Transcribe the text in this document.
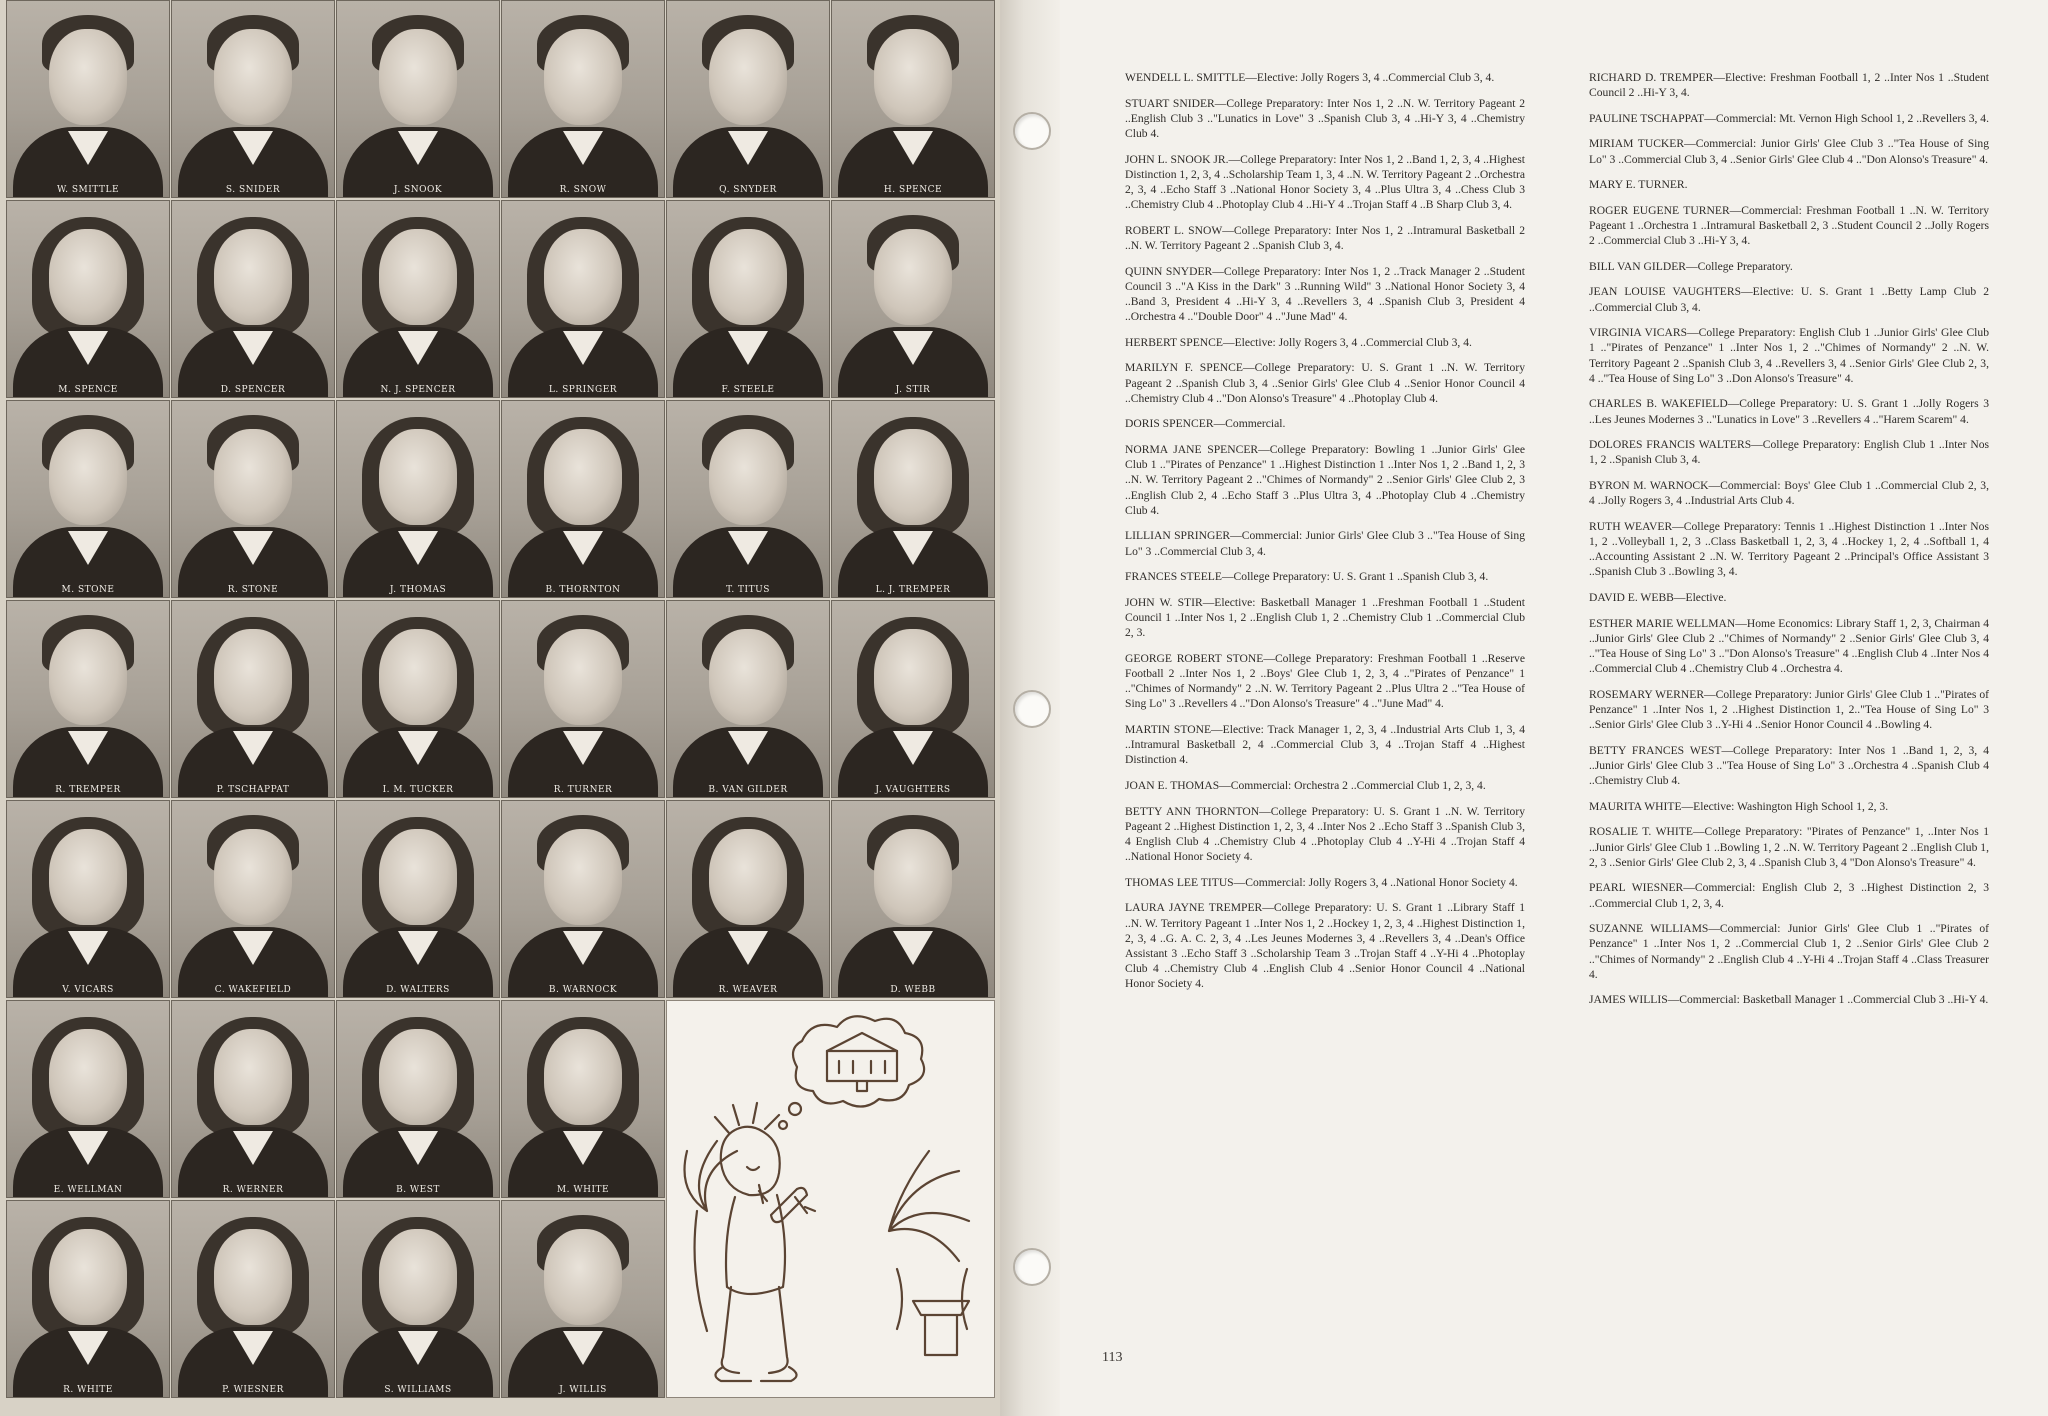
W. SMITTLE	S. SNIDER	J. SNOOK	R. SNOW	Q. SNYDER	H. SPENCE
M. SPENCE	D. SPENCER	N. J. SPENCER	L. SPRINGER	F. STEELE	J. STIR
M. STONE	R. STONE	J. THOMAS	B. THORNTON	T. TITUS	L. J. TREMPER
R. TREMPER	P. TSCHAPPAT	I. M. TUCKER	R. TURNER	B. VAN GILDER	J. VAUGHTERS
V. VICARS	C. WAKEFIELD	D. WALTERS	B. WARNOCK	R. WEAVER	D. WEBB
E. WELLMAN	R. WERNER	B. WEST	M. WHITE
R. WHITE	P. WIESNER	S. WILLIAMS	J. WILLIS

WENDELL L. SMITTLE—Elective: Jolly Rogers 3, 4 ..Commercial Club 3, 4.

STUART SNIDER—College Preparatory: Inter Nos 1, 2 ..N. W. Territory Pageant 2 ..English Club 3 .."Lunatics in Love" 3 ..Spanish Club 3, 4 ..Hi-Y 3, 4 ..Chemistry Club 4.

JOHN L. SNOOK JR.—College Preparatory: Inter Nos 1, 2 ..Band 1, 2, 3, 4 ..Highest Distinction 1, 2, 3, 4 ..Scholarship Team 1, 3, 4 ..N. W. Territory Pageant 2 ..Orchestra 2, 3, 4 ..Echo Staff 3 ..National Honor Society 3, 4 ..Plus Ultra 3, 4 ..Chess Club 3 ..Chemistry Club 4 ..Photoplay Club 4 ..Hi-Y 4 ..Trojan Staff 4 ..B Sharp Club 3, 4.

ROBERT L. SNOW—College Preparatory: Inter Nos 1, 2 ..Intramural Basketball 2 ..N. W. Territory Pageant 2 ..Spanish Club 3, 4.

QUINN SNYDER—College Preparatory: Inter Nos 1, 2 ..Track Manager 2 ..Student Council 3 .."A Kiss in the Dark" 3 ..Running Wild" 3 ..National Honor Society 3, 4 ..Band 3, President 4 ..Hi-Y 3, 4 ..Revellers 3, 4 ..Spanish Club 3, President 4 ..Orchestra 4 .."Double Door" 4 .."June Mad" 4.

HERBERT SPENCE—Elective: Jolly Rogers 3, 4 ..Commercial Club 3, 4.

MARILYN F. SPENCE—College Preparatory: U. S. Grant 1 ..N. W. Territory Pageant 2 ..Spanish Club 3, 4 ..Senior Girls' Glee Club 4 ..Senior Honor Council 4 ..Chemistry Club 4 .."Don Alonso's Treasure" 4 ..Photoplay Club 4.

DORIS SPENCER—Commercial.

NORMA JANE SPENCER—College Preparatory: Bowling 1 ..Junior Girls' Glee Club 1 .."Pirates of Penzance" 1 ..Highest Distinction 1 ..Inter Nos 1, 2 ..Band 1, 2, 3 ..N. W. Territory Pageant 2 .."Chimes of Normandy" 2 ..Senior Girls' Glee Club 2, 3 ..English Club 2, 4 ..Echo Staff 3 ..Plus Ultra 3, 4 ..Photoplay Club 4 ..Chemistry Club 4.

LILLIAN SPRINGER—Commercial: Junior Girls' Glee Club 3 .."Tea House of Sing Lo" 3 ..Commercial Club 3, 4.

FRANCES STEELE—College Preparatory: U. S. Grant 1 ..Spanish Club 3, 4.

JOHN W. STIR—Elective: Basketball Manager 1 ..Freshman Football 1 ..Student Council 1 ..Inter Nos 1, 2 ..English Club 1, 2 ..Chemistry Club 1 ..Commercial Club 2, 3.

GEORGE ROBERT STONE—College Preparatory: Freshman Football 1 ..Reserve Football 2 ..Inter Nos 1, 2 ..Boys' Glee Club 1, 2, 3, 4 .."Pirates of Penzance" 1 .."Chimes of Normandy" 2 ..N. W. Territory Pageant 2 ..Plus Ultra 2 .."Tea House of Sing Lo" 3 ..Revellers 4 .."Don Alonso's Treasure" 4 .."June Mad" 4.

MARTIN STONE—Elective: Track Manager 1, 2, 3, 4 ..Industrial Arts Club 1, 3, 4 ..Intramural Basketball 2, 4 ..Commercial Club 3, 4 ..Trojan Staff 4 ..Highest Distinction 4.

JOAN E. THOMAS—Commercial: Orchestra 2 ..Commercial Club 1, 2, 3, 4.

BETTY ANN THORNTON—College Preparatory: U. S. Grant 1 ..N. W. Territory Pageant 2 ..Highest Distinction 1, 2, 3, 4 ..Inter Nos 2 ..Echo Staff 3 ..Spanish Club 3, 4 English Club 4 ..Chemistry Club 4 ..Photoplay Club 4 ..Y-Hi 4 ..Trojan Staff 4 ..National Honor Society 4.

THOMAS LEE TITUS—Commercial: Jolly Rogers 3, 4 ..National Honor Society 4.

LAURA JAYNE TREMPER—College Preparatory: U. S. Grant 1 ..Library Staff 1 ..N. W. Territory Pageant 1 ..Inter Nos 1, 2 ..Hockey 1, 2, 3, 4 ..Highest Distinction 1, 2, 3, 4 ..G. A. C. 2, 3, 4 ..Les Jeunes Modernes 3, 4 ..Revellers 3, 4 ..Dean's Office Assistant 3 ..Echo Staff 3 ..Scholarship Team 3 ..Trojan Staff 4 ..Y-Hi 4 ..Photoplay Club 4 ..Chemistry Club 4 ..English Club 4 ..Senior Honor Council 4 ..National Honor Society 4.

RICHARD D. TREMPER—Elective: Freshman Football 1, 2 ..Inter Nos 1 ..Student Council 2 ..Hi-Y 3, 4.

PAULINE TSCHAPPAT—Commercial: Mt. Vernon High School 1, 2 ..Revellers 3, 4.

MIRIAM TUCKER—Commercial: Junior Girls' Glee Club 3 .."Tea House of Sing Lo" 3 ..Commercial Club 3, 4 ..Senior Girls' Glee Club 4 .."Don Alonso's Treasure" 4.

MARY E. TURNER.

ROGER EUGENE TURNER—Commercial: Freshman Football 1 ..N. W. Territory Pageant 1 ..Orchestra 1 ..Intramural Basketball 2, 3 ..Student Council 2 ..Jolly Rogers 2 ..Commercial Club 3 ..Hi-Y 3, 4.

BILL VAN GILDER—College Preparatory.

JEAN LOUISE VAUGHTERS—Elective: U. S. Grant 1 ..Betty Lamp Club 2 ..Commercial Club 3, 4.

VIRGINIA VICARS—College Preparatory: English Club 1 ..Junior Girls' Glee Club 1 .."Pirates of Penzance" 1 ..Inter Nos 1, 2 .."Chimes of Normandy" 2 ..N. W. Territory Pageant 2 ..Spanish Club 3, 4 ..Revellers 3, 4 ..Senior Girls' Glee Club 2, 3, 4 .."Tea House of Sing Lo" 3 ..Don Alonso's Treasure" 4.

CHARLES B. WAKEFIELD—College Preparatory: U. S. Grant 1 ..Jolly Rogers 3 ..Les Jeunes Modernes 3 .."Lunatics in Love" 3 ..Revellers 4 .."Harem Scarem" 4.

DOLORES FRANCIS WALTERS—College Preparatory: English Club 1 ..Inter Nos 1, 2 ..Spanish Club 3, 4.

BYRON M. WARNOCK—Commercial: Boys' Glee Club 1 ..Commercial Club 2, 3, 4 ..Jolly Rogers 3, 4 ..Industrial Arts Club 4.

RUTH WEAVER—College Preparatory: Tennis 1 ..Highest Distinction 1 ..Inter Nos 1, 2 ..Volleyball 1, 2, 3 ..Class Basketball 1, 2, 3, 4 ..Hockey 1, 2, 4 ..Softball 1, 4 ..Accounting Assistant 2 ..N. W. Territory Pageant 2 ..Principal's Office Assistant 3 ..Spanish Club 3 ..Bowling 3, 4.

DAVID E. WEBB—Elective.

ESTHER MARIE WELLMAN—Home Economics: Library Staff 1, 2, 3, Chairman 4 ..Junior Girls' Glee Club 2 .."Chimes of Normandy" 2 ..Senior Girls' Glee Club 3, 4 .."Tea House of Sing Lo" 3 .."Don Alonso's Treasure" 4 ..English Club 4 ..Inter Nos 4 ..Commercial Club 4 ..Chemistry Club 4 ..Orchestra 4.

ROSEMARY WERNER—College Preparatory: Junior Girls' Glee Club 1 .."Pirates of Penzance" 1 ..Inter Nos 1, 2 ..Highest Distinction 1, 2.."Tea House of Sing Lo" 3 ..Senior Girls' Glee Club 3 ..Y-Hi 4 ..Senior Honor Council 4 ..Bowling 4.

BETTY FRANCES WEST—College Preparatory: Inter Nos 1 ..Band 1, 2, 3, 4 ..Junior Girls' Glee Club 3 .."Tea House of Sing Lo" 3 ..Orchestra 4 ..Spanish Club 4 ..Chemistry Club 4.

MAURITA WHITE—Elective: Washington High School 1, 2, 3.

ROSALIE T. WHITE—College Preparatory: "Pirates of Penzance" 1, ..Inter Nos 1 ..Junior Girls' Glee Club 1 ..Bowling 1, 2 ..N. W. Territory Pageant 2 ..English Club 1, 2, 3 ..Senior Girls' Glee Club 2, 3, 4 ..Spanish Club 3, 4 "Don Alonso's Treasure" 4.

PEARL WIESNER—Commercial: English Club 2, 3 ..Highest Distinction 2, 3 ..Commercial Club 1, 2, 3, 4.

SUZANNE WILLIAMS—Commercial: Junior Girls' Glee Club 1 .."Pirates of Penzance" 1 ..Inter Nos 1, 2 ..Commercial Club 1, 2 ..Senior Girls' Glee Club 2 .."Chimes of Normandy" 2 ..English Club 4 ..Y-Hi 4 ..Trojan Staff 4 ..Class Treasurer 4.

JAMES WILLIS—Commercial: Basketball Manager 1 ..Commercial Club 3 ..Hi-Y 4.

113
